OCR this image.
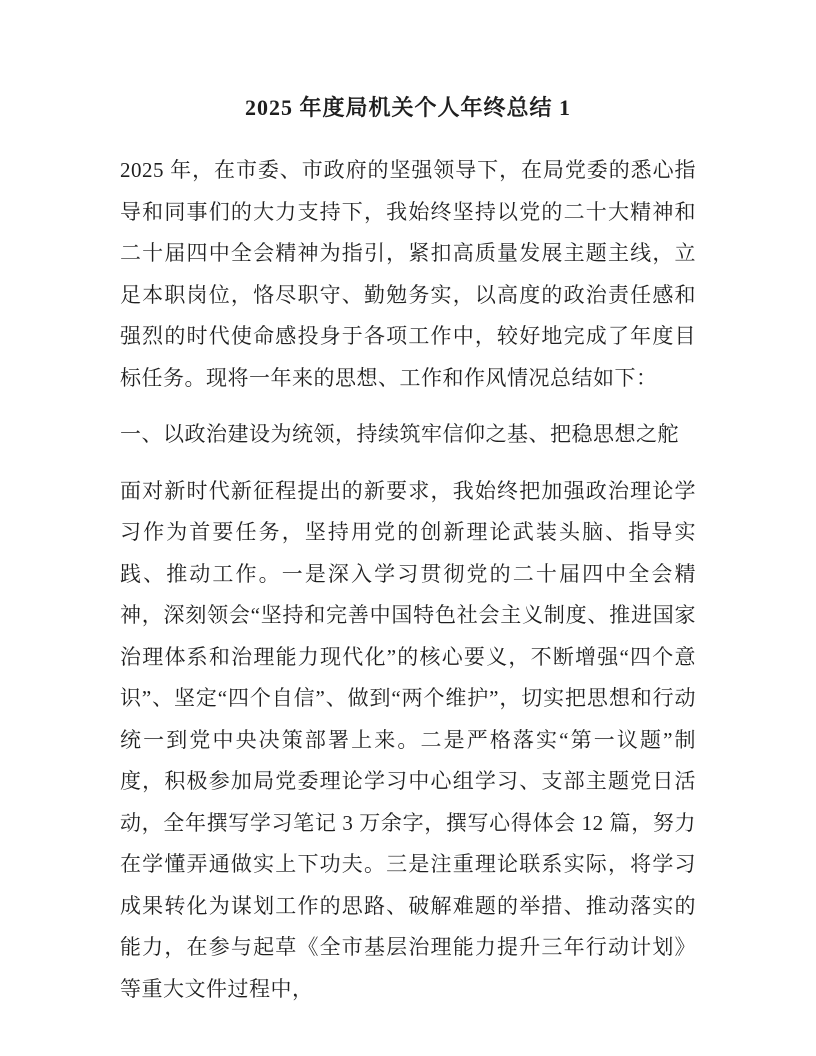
2025 年度局机关个人年终总结 1

2025 年，在市委、市政府的坚强领导下，在局党委的悉心指导和同事们的大力支持下，我始终坚持以党的二十大精神和二十届四中全会精神为指引，紧扣高质量发展主题主线，立足本职岗位，恪尽职守、勤勉务实，以高度的政治责任感和强烈的时代使命感投身于各项工作中，较好地完成了年度目标任务。现将一年来的思想、工作和作风情况总结如下：

一、以政治建设为统领，持续筑牢信仰之基、把稳思想之舵

面对新时代新征程提出的新要求，我始终把加强政治理论学习作为首要任务，坚持用党的创新理论武装头脑、指导实践、推动工作。一是深入学习贯彻党的二十届四中全会精神，深刻领会“坚持和完善中国特色社会主义制度、推进国家治理体系和治理能力现代化”的核心要义，不断增强“四个意识”、坚定“四个自信”、做到“两个维护”，切实把思想和行动统一到党中央决策部署上来。二是严格落实“第一议题”制度，积极参加局党委理论学习中心组学习、支部主题党日活动，全年撰写学习笔记 3 万余字，撰写心得体会 12 篇，努力在学懂弄通做实上下功夫。三是注重理论联系实际，将学习成果转化为谋划工作的思路、破解难题的举措、推动落实的能力，在参与起草《全市基层治理能力提升三年行动计划》等重大文件过程中，
